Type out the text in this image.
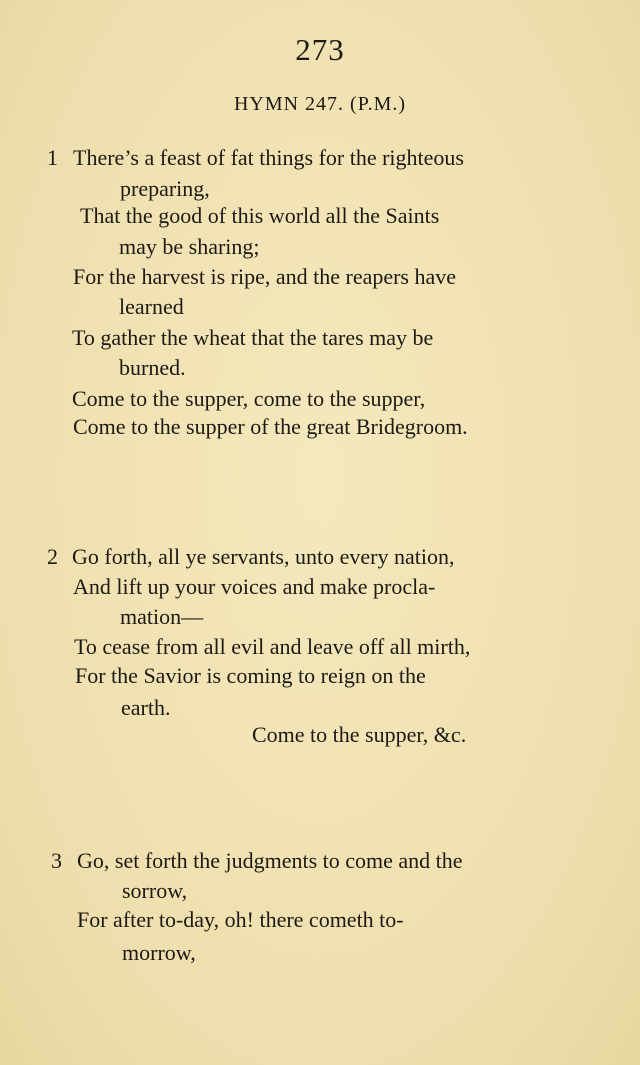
273
HYMN 247. (P.M.)
1 There’s a feast of fat things for the righteous
preparing,
That the good of this world all the Saints
may be sharing;
For the harvest is ripe, and the reapers have
learned
To gather the wheat that the tares may be
burned.
Come to the supper, come to the supper,
Come to the supper of the great Bridegroom.
2 Go forth, all ye servants, unto every nation,
And lift up your voices and make procla-
mation—
To cease from all evil and leave off all mirth,
For the Savior is coming to reign on the
earth.
Come to the supper, &c.
3 Go, set forth the judgments to come and the
sorrow,
For after to-day, oh! there cometh to-
morrow,
